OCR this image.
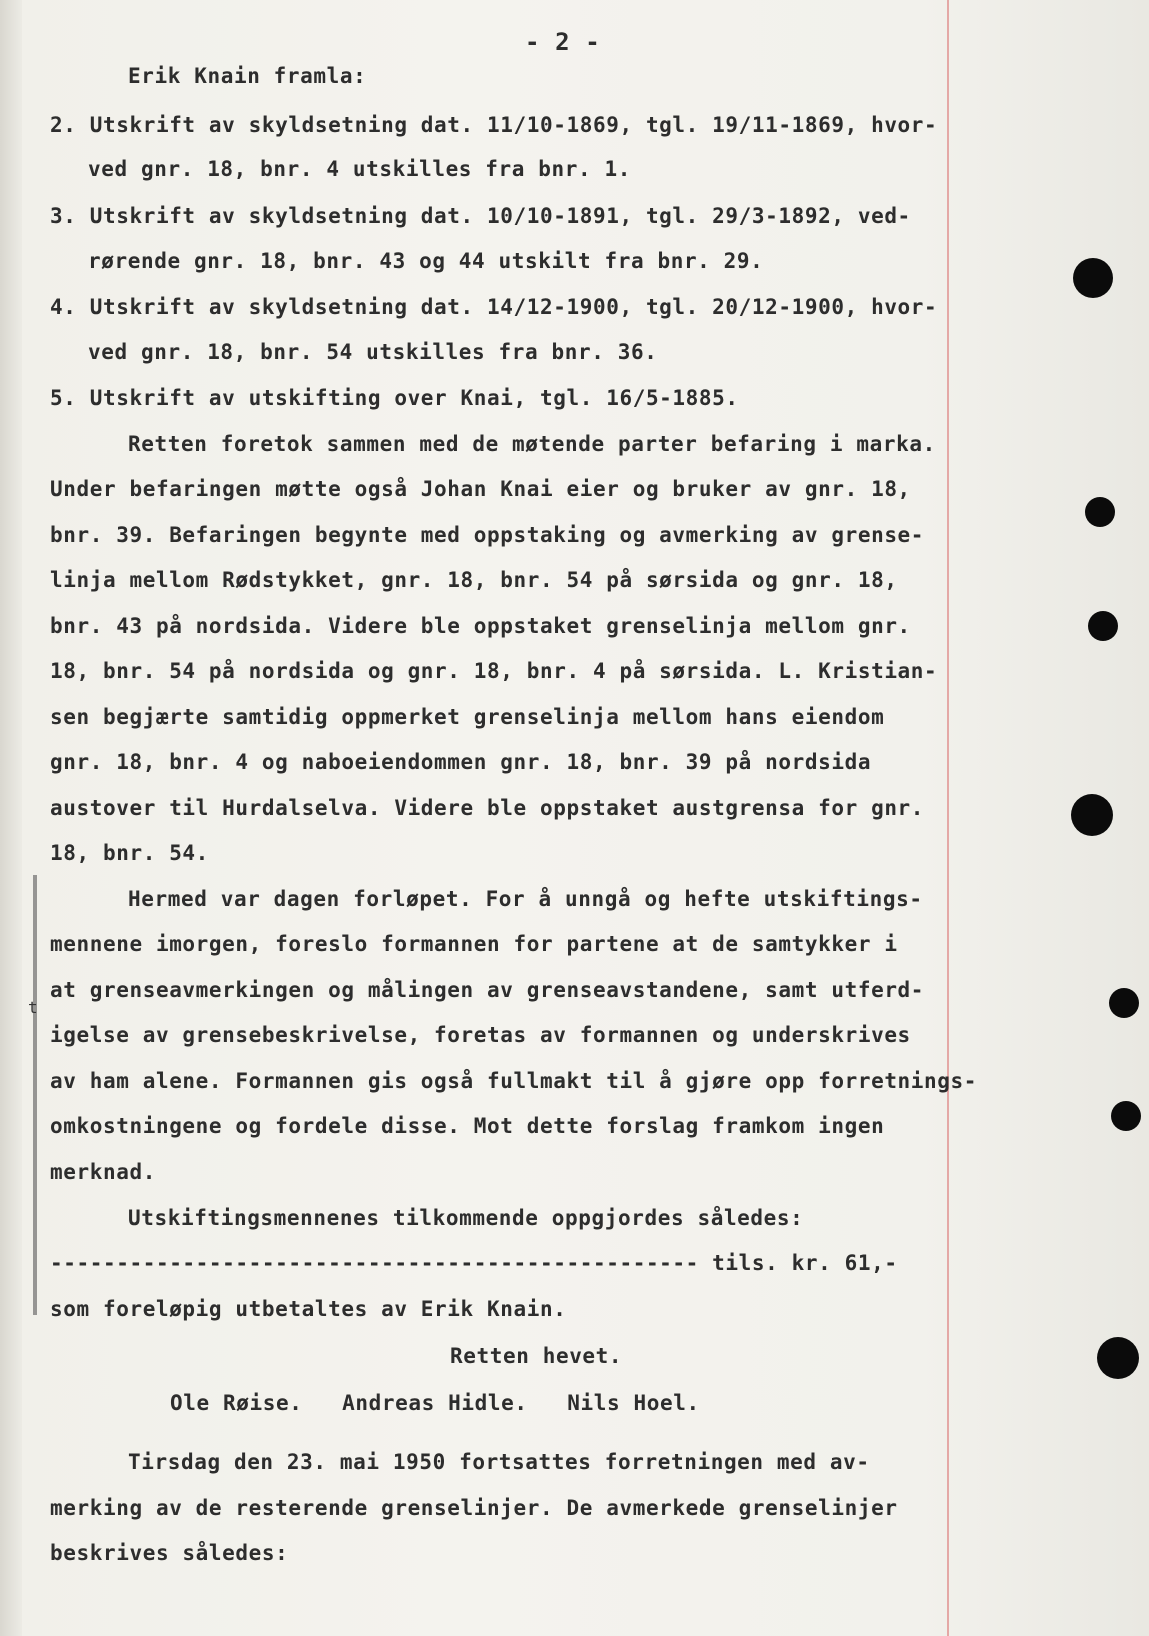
t
- 2 -
Erik Knain framla:
2. Utskrift av skyldsetning dat. 11/10-1869, tgl. 19/11-1869, hvor-
ved gnr. 18, bnr. 4 utskilles fra bnr. 1.
3. Utskrift av skyldsetning dat. 10/10-1891, tgl. 29/3-1892, ved-
rørende gnr. 18, bnr. 43 og 44 utskilt fra bnr. 29.
4. Utskrift av skyldsetning dat. 14/12-1900, tgl. 20/12-1900, hvor-
ved gnr. 18, bnr. 54 utskilles fra bnr. 36.
5. Utskrift av utskifting over Knai, tgl. 16/5-1885.
Retten foretok sammen med de møtende parter befaring i marka.
Under befaringen møtte også Johan Knai eier og bruker av gnr. 18,
bnr. 39. Befaringen begynte med oppstaking og avmerking av grense-
linja mellom Rødstykket, gnr. 18, bnr. 54 på sørsida og gnr. 18,
bnr. 43 på nordsida. Videre ble oppstaket grenselinja mellom gnr.
18, bnr. 54 på nordsida og gnr. 18, bnr. 4 på sørsida. L. Kristian-
sen begjærte samtidig oppmerket grenselinja mellom hans eiendom
gnr. 18, bnr. 4 og naboeiendommen gnr. 18, bnr. 39 på nordsida
austover til Hurdalselva. Videre ble oppstaket austgrensa for gnr.
18, bnr. 54.
Hermed var dagen forløpet. For å unngå og hefte utskiftings-
mennene imorgen, foreslo formannen for partene at de samtykker i
at grenseavmerkingen og målingen av grenseavstandene, samt utferd-
igelse av grensebeskrivelse, foretas av formannen og underskrives
av ham alene. Formannen gis også fullmakt til å gjøre opp forretnings-
omkostningene og fordele disse. Mot dette forslag framkom ingen
merknad.
Utskiftingsmennenes tilkommende oppgjordes således:
------------------------------------------------- tils. kr. 61,-
som foreløpig utbetaltes av Erik Knain.
Retten hevet.
Ole Røise.   Andreas Hidle.   Nils Hoel.
Tirsdag den 23. mai 1950 fortsattes forretningen med av-
merking av de resterende grenselinjer. De avmerkede grenselinjer
beskrives således:
